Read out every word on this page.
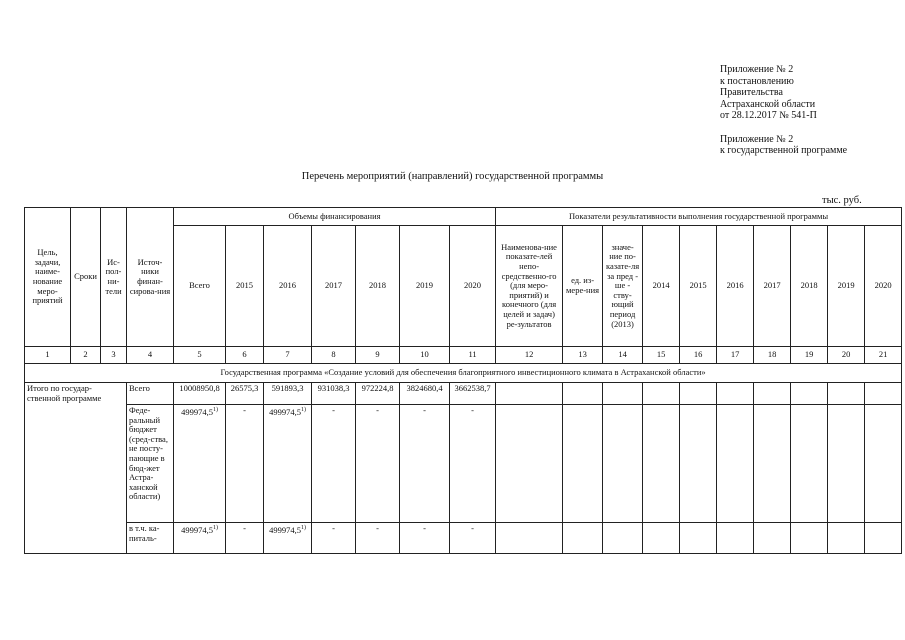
Приложение № 2

к постановлению

Правительства

Астраханской области

от 28.12.2017 № 541-П

Приложение № 2

к государственной программе

Перечень мероприятий (направлений) государственной программы
тыс. руб.
Цель, задачи, наиме-нование меро-приятий	Сроки	Ис-пол-ни-тели	Источ-ники финан-сирова-ния	Объемы финансирования							Показатели результативности выполнения государственной программы									
				Всего	2015	2016	2017	2018	2019	2020	Наименова-ние показате-лей непо-средственно-го (для меро-приятий) и конечного (для целей и задач) ре-зультатов	ед. из-мере-ния	значе-ние по-казате-ля за пред - ше - ству-ющий период (2013)	2014	2015	2016	2017	2018	2019	2020
1	2	3	4	5	6	7	8	9	10	11	12	13	14	15	16	17	18	19	20	21
Государственная программа «Создание условий для обеспечения благоприятного инвестиционного климата в Астраханской области»																				
Итого по государ-ственной программе			Всего	10008950,8	26575,3	591893,3	931038,3	972224,8	3824680,4	3662538,7										
			Феде-ральный бюджет (сред-ства, не посту-пающие в бюд-жет Астра-ханской области)	499974,5$^{1)}$	-	499974,5$^{1)}$	-	-	-	-										
			в т.ч. ка-питаль-	499974,5$^{1)}$	-	499974,5$^{1)}$	-	-	-	-										
